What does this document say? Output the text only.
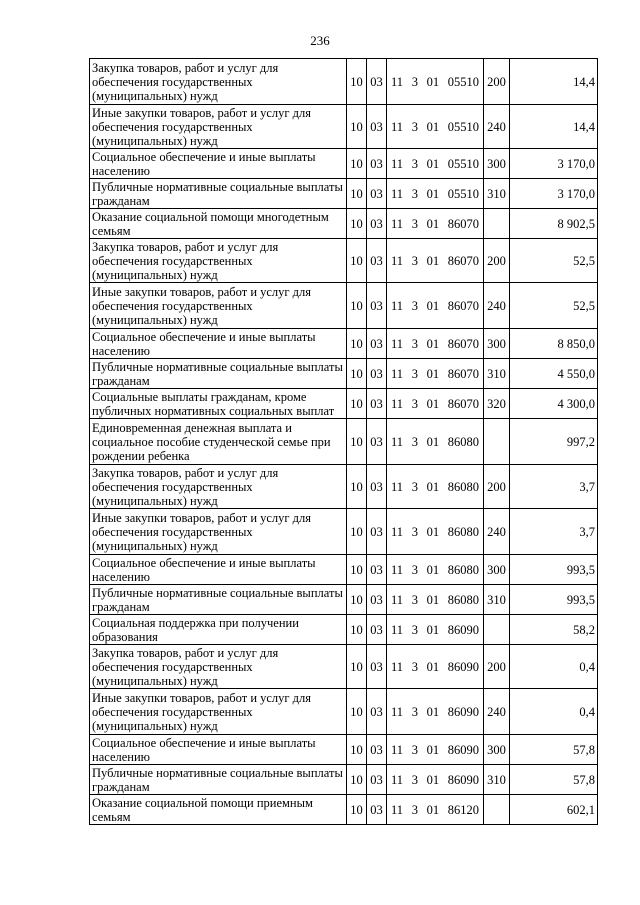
236
Закупка товаров, работ и услуг для обеспечения государственных (муниципальных) нужд	10	03	11 3 01 05510	200	14,4
Иные закупки товаров, работ и услуг для обеспечения государственных (муниципальных) нужд	10	03	11 3 01 05510	240	14,4
Социальное обеспечение и иные выплаты населению	10	03	11 3 01 05510	300	3 170,0
Публичные нормативные социальные выплаты гражданам	10	03	11 3 01 05510	310	3 170,0
Оказание социальной помощи многодетным семьям	10	03	11 3 01 86070		8 902,5
Закупка товаров, работ и услуг для обеспечения государственных (муниципальных) нужд	10	03	11 3 01 86070	200	52,5
Иные закупки товаров, работ и услуг для обеспечения государственных (муниципальных) нужд	10	03	11 3 01 86070	240	52,5
Социальное обеспечение и иные выплаты населению	10	03	11 3 01 86070	300	8 850,0
Публичные нормативные социальные выплаты гражданам	10	03	11 3 01 86070	310	4 550,0
Социальные выплаты гражданам, кроме публичных нормативных социальных выплат	10	03	11 3 01 86070	320	4 300,0
Единовременная денежная выплата и социальное пособие студенческой семье при рождении ребенка	10	03	11 3 01 86080		997,2
Закупка товаров, работ и услуг для обеспечения государственных (муниципальных) нужд	10	03	11 3 01 86080	200	3,7
Иные закупки товаров, работ и услуг для обеспечения государственных (муниципальных) нужд	10	03	11 3 01 86080	240	3,7
Социальное обеспечение и иные выплаты населению	10	03	11 3 01 86080	300	993,5
Публичные нормативные социальные выплаты гражданам	10	03	11 3 01 86080	310	993,5
Социальная поддержка при получении образования	10	03	11 3 01 86090		58,2
Закупка товаров, работ и услуг для обеспечения государственных (муниципальных) нужд	10	03	11 3 01 86090	200	0,4
Иные закупки товаров, работ и услуг для обеспечения государственных (муниципальных) нужд	10	03	11 3 01 86090	240	0,4
Социальное обеспечение и иные выплаты населению	10	03	11 3 01 86090	300	57,8
Публичные нормативные социальные выплаты гражданам	10	03	11 3 01 86090	310	57,8
Оказание социальной помощи приемным семьям	10	03	11 3 01 86120		602,1
